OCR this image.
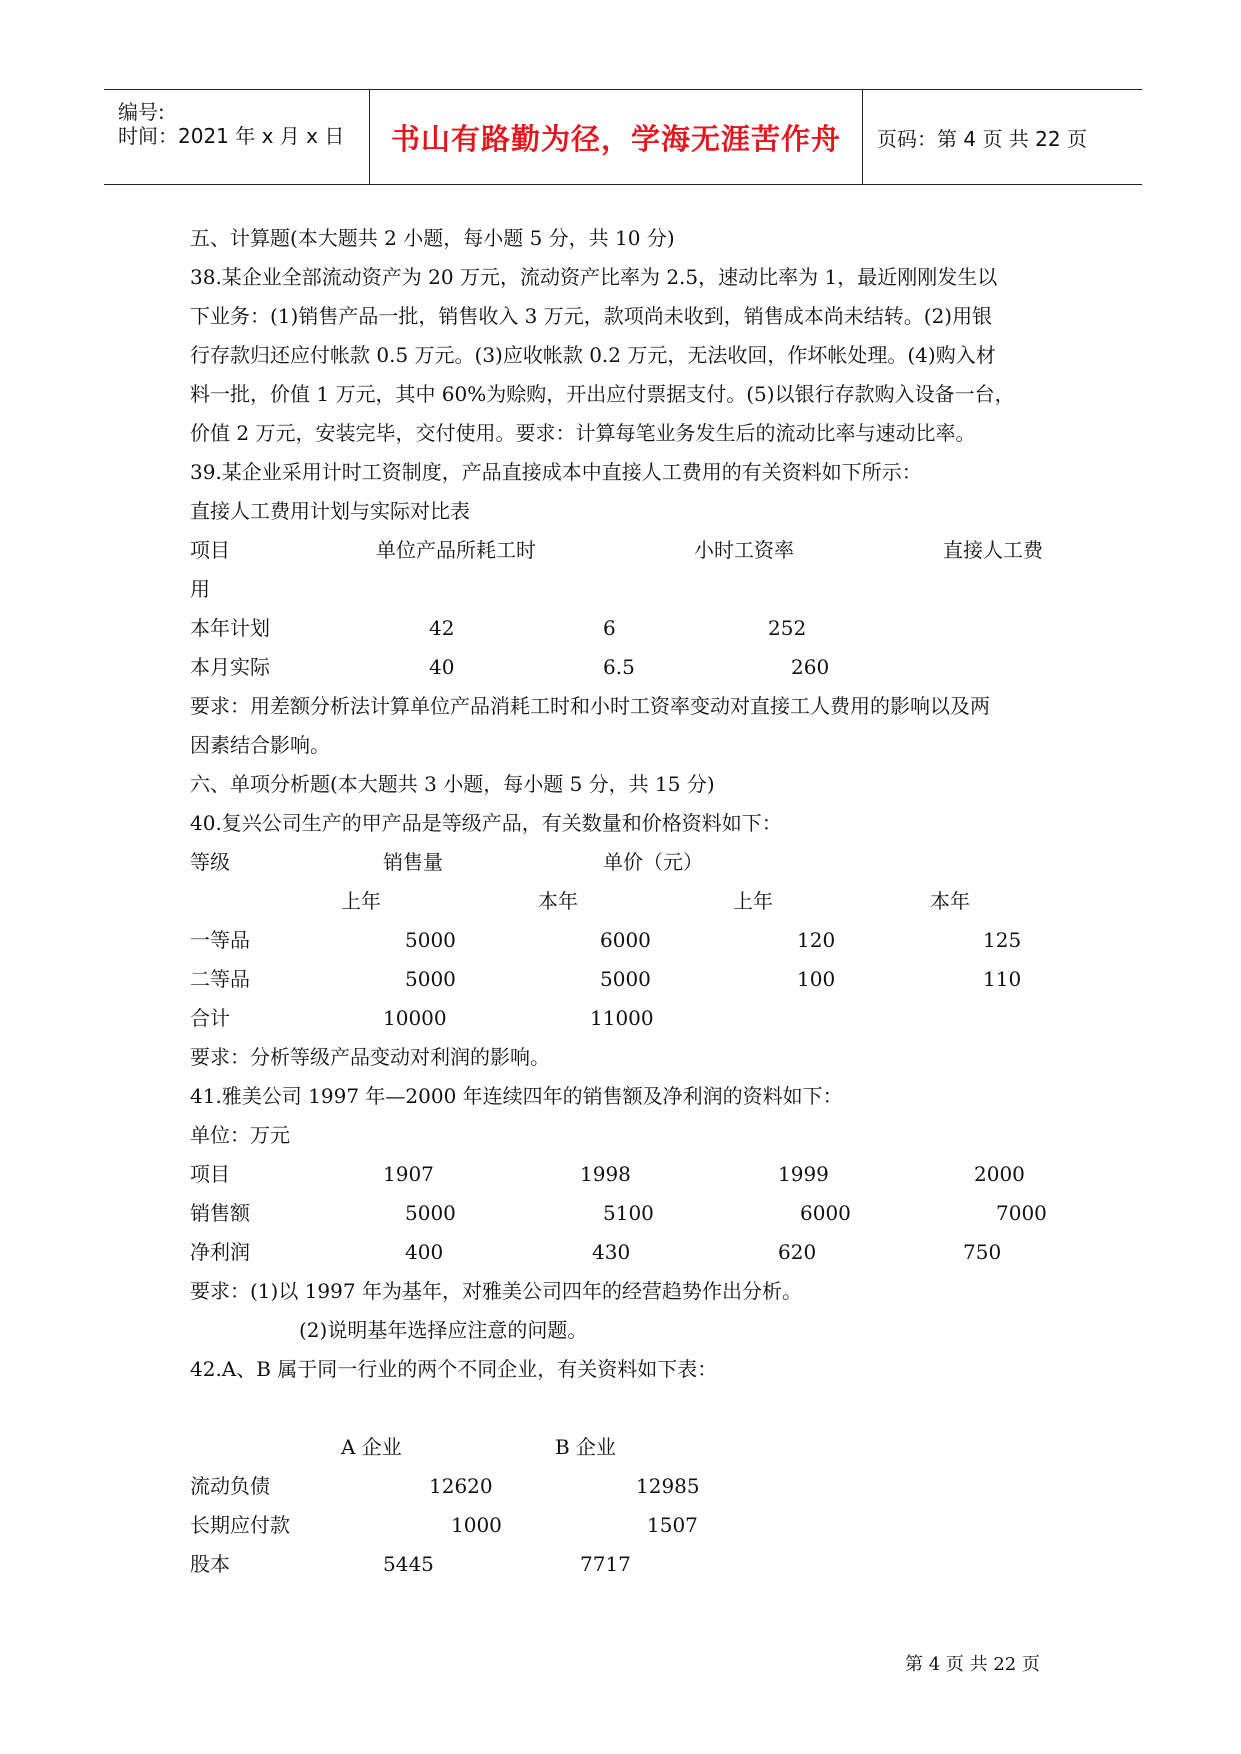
编号:
时间：2021 年 x 月 x 日 书山有路勤为径，学海无涯苦作舟	页码：第 4 页 共 22 页
五、计算题(本大题共 2 小题，每小题 5 分，共 10 分)
38.某企业全部流动资产为 20 万元，流动资产比率为 2.5，速动比率为 1，最近刚刚发生以
下业务：(1)销售产品一批，销售收入 3 万元，款项尚未收到，销售成本尚未结转。(2)用银
行存款归还应付帐款 0.5 万元。(3)应收帐款 0.2 万元，无法收回，作坏帐处理。(4)购入材
料一批，价值 1 万元，其中 60%为赊购，开出应付票据支付。(5)以银行存款购入设备一台，
价值 2 万元，安装完毕，交付使用。要求：计算每笔业务发生后的流动比率与速动比率。
39.某企业采用计时工资制度，产品直接成本中直接人工费用的有关资料如下所示：
直接人工费用计划与实际对比表
项目	单位产品所耗工时	小时工资率	直接人工费
用
本年计划	42	6	252
本月实际	40	6.5	260
要求：用差额分析法计算单位产品消耗工时和小时工资率变动对直接工人费用的影响以及两
因素结合影响。
六、单项分析题(本大题共 3 小题，每小题 5 分，共 15 分)
40.复兴公司生产的甲产品是等级产品，有关数量和价格资料如下：
等级	销售量	单价（元）
上年	本年	上年	本年
一等品	5000	6000	120	125
二等品	5000	5000	100	110
合计	10000	11000
要求：分析等级产品变动对利润的影响。
41.雅美公司 1997 年—2000 年连续四年的销售额及净利润的资料如下：
单位：万元
项目	1907	1998	1999	2000
销售额	5000	5100	6000	7000
净利润	400	430	620	750
要求：(1)以 1997 年为基年，对雅美公司四年的经营趋势作出分析。
(2)说明基年选择应注意的问题。
42.A、B 属于同一行业的两个不同企业，有关资料如下表：
A 企业	B 企业
流动负债	12620	12985
长期应付款	1000	1507
股本	5445	7717
第 4 页 共 22 页
